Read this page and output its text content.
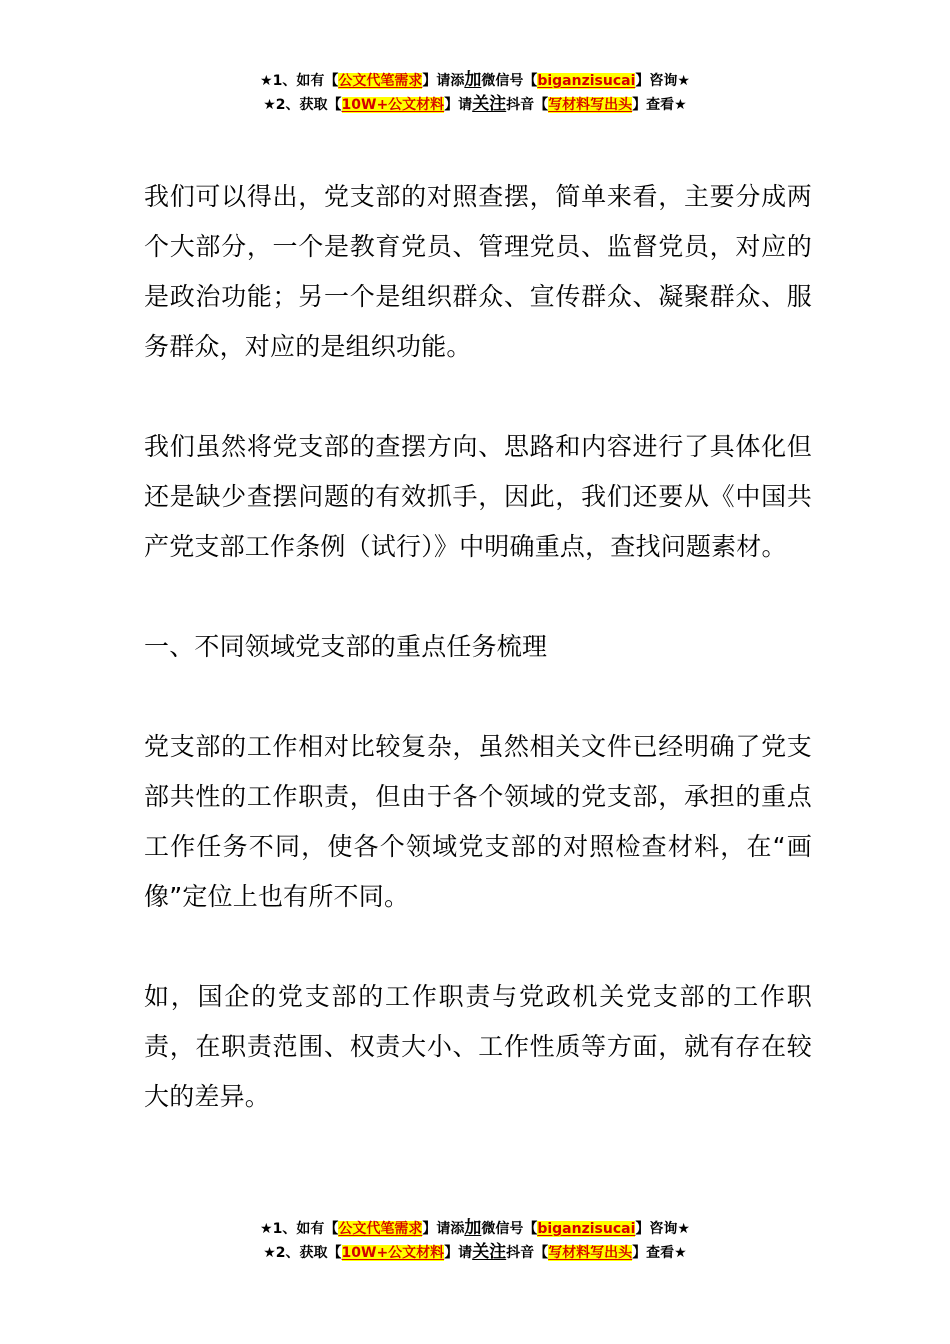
★1、如有【公文代笔需求】请添加微信号【biganzisucai】咨询★
★2、获取【10W+公文材料】请关注抖音【写材料写出头】查看★

我们可以得出，党支部的对照查摆，简单来看，主要分成两个大部分，一个是教育党员、管理党员、监督党员，对应的是政治功能；另一个是组织群众、宣传群众、凝聚群众、服务群众，对应的是组织功能。

我们虽然将党支部的查摆方向、思路和内容进行了具体化但还是缺少查摆问题的有效抓手，因此，我们还要从《中国共产党支部工作条例（试行）》中明确重点，查找问题素材。

一、不同领域党支部的重点任务梳理

党支部的工作相对比较复杂，虽然相关文件已经明确了党支部共性的工作职责，但由于各个领域的党支部，承担的重点工作任务不同，使各个领域党支部的对照检查材料，在“画像”定位上也有所不同。

如，国企的党支部的工作职责与党政机关党支部的工作职责，在职责范围、权责大小、工作性质等方面，就有存在较大的差异。

★1、如有【公文代笔需求】请添加微信号【biganzisucai】咨询★
★2、获取【10W+公文材料】请关注抖音【写材料写出头】查看★
